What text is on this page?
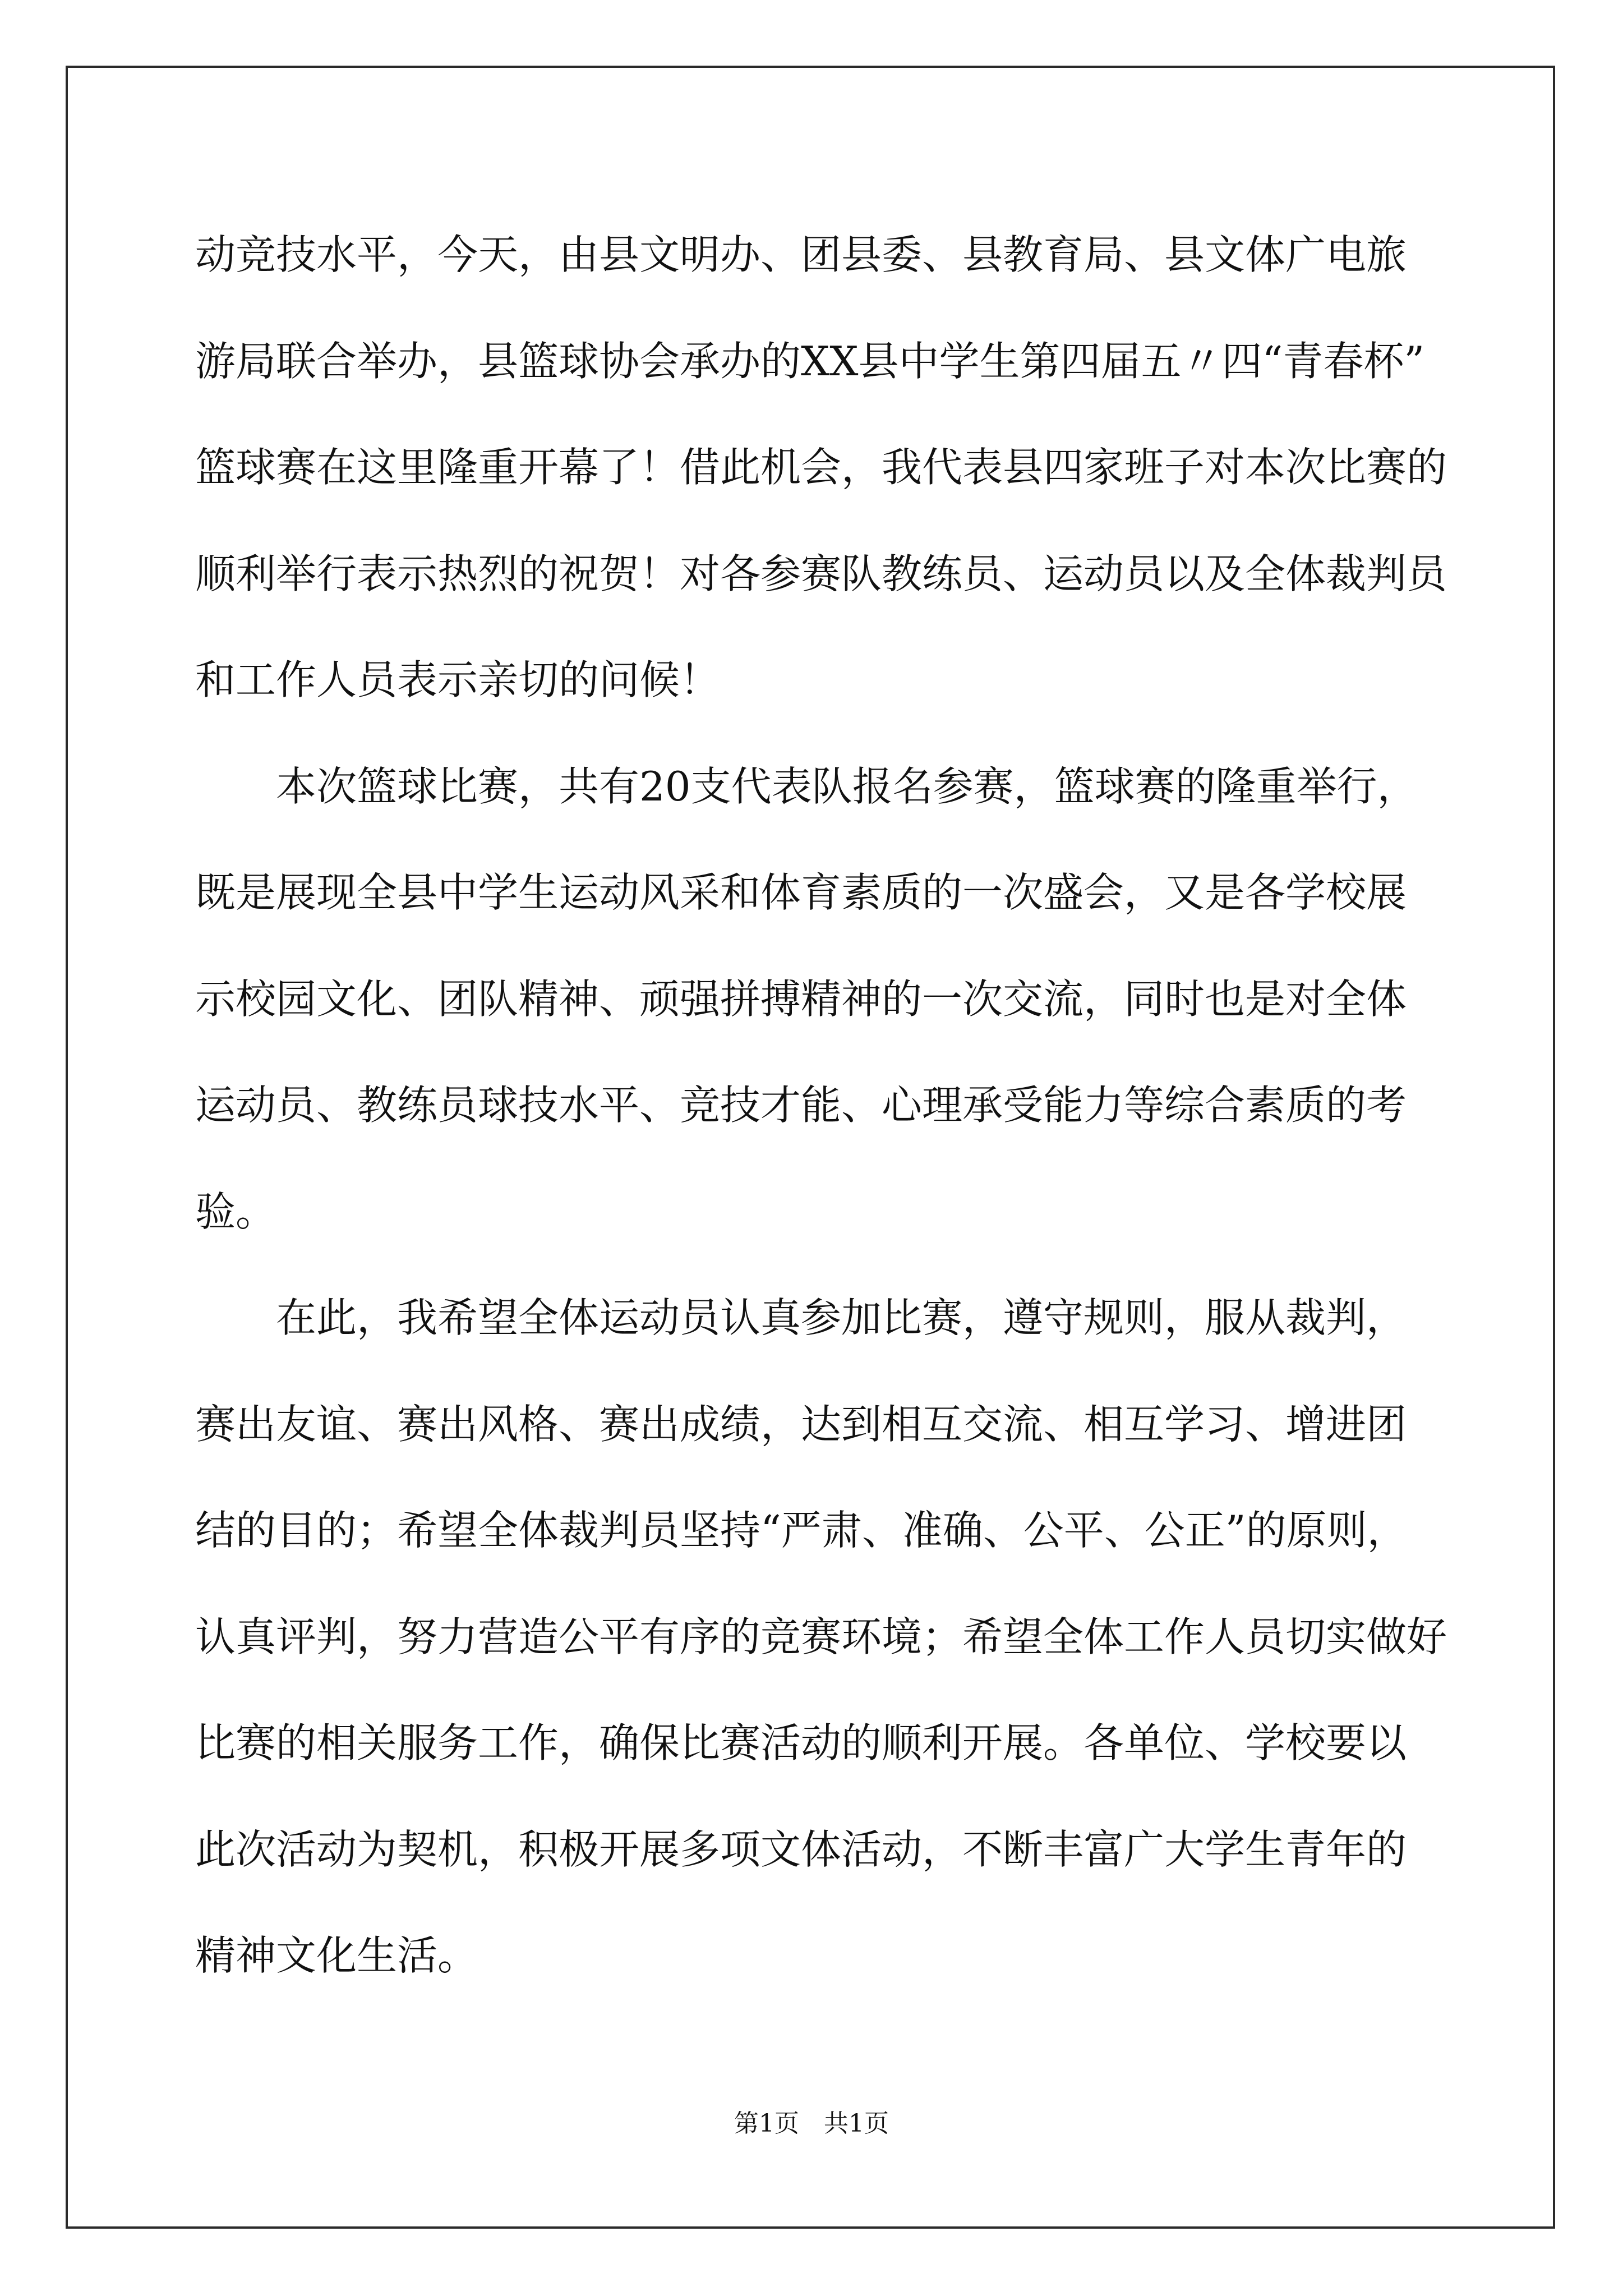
动竞技水平，今天，由县文明办、团县委、县教育局、县文体广电旅
游局联合举办，县篮球协会承办的XX县中学生第四届五〃四“青春杯”
篮球赛在这里隆重开幕了！借此机会，我代表县四家班子对本次比赛的
顺利举行表示热烈的祝贺！对各参赛队教练员、运动员以及全体裁判员
和工作人员表示亲切的问候！
本次篮球比赛，共有20支代表队报名参赛，篮球赛的隆重举行，
既是展现全县中学生运动风采和体育素质的一次盛会，又是各学校展
示校园文化、团队精神、顽强拼搏精神的一次交流，同时也是对全体
运动员、教练员球技水平、竞技才能、心理承受能力等综合素质的考
验。
在此，我希望全体运动员认真参加比赛，遵守规则，服从裁判，
赛出友谊、赛出风格、赛出成绩，达到相互交流、相互学习、增进团
结的目的；希望全体裁判员坚持“严肃、准确、公平、公正”的原则，
认真评判，努力营造公平有序的竞赛环境；希望全体工作人员切实做好
比赛的相关服务工作，确保比赛活动的顺利开展。各单位、学校要以
此次活动为契机，积极开展多项文体活动，不断丰富广大学生青年的
精神文化生活。
第1页　共1页
